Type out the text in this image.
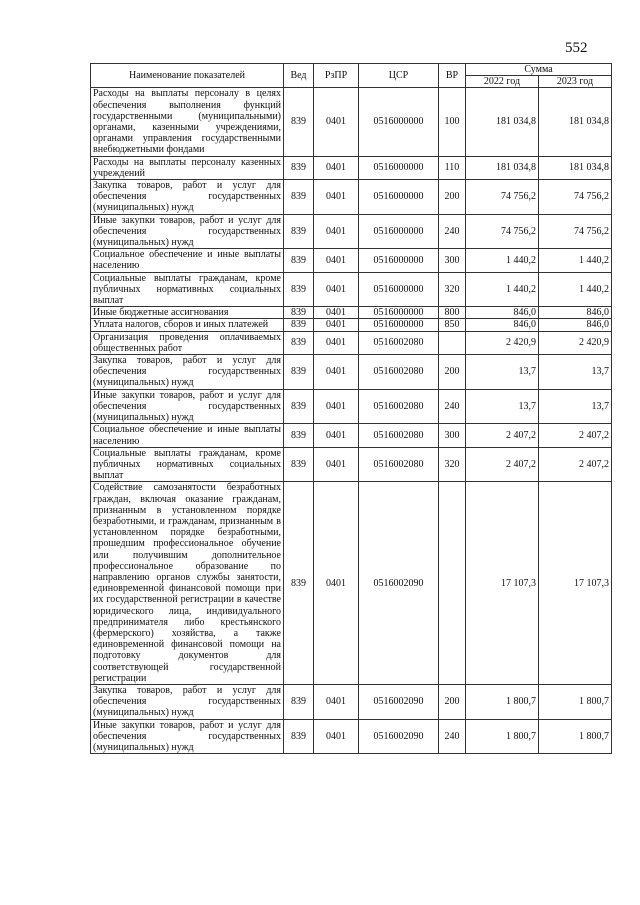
552
Наименование показателей	Вед	РзПР	ЦСР	ВР	Сумма	
					2022 год	2023 год
Расходы на выплаты персоналу в целях обеспечения выполнения функций государственными (муниципальными) органами, казенными учреждениями, органами управления государственными внебюджетными фондами	839	0401	0516000000	100	181 034,8	181 034,8
Расходы на выплаты персоналу казенных учреждений	839	0401	0516000000	110	181 034,8	181 034,8
Закупка товаров, работ и услуг для обеспечения государственных (муниципальных) нужд	839	0401	0516000000	200	74 756,2	74 756,2
Иные закупки товаров, работ и услуг для обеспечения государственных (муниципальных) нужд	839	0401	0516000000	240	74 756,2	74 756,2
Социальное обеспечение и иные выплаты населению	839	0401	0516000000	300	1 440,2	1 440,2
Социальные выплаты гражданам, кроме публичных нормативных социальных выплат	839	0401	0516000000	320	1 440,2	1 440,2
Иные бюджетные ассигнования	839	0401	0516000000	800	846,0	846,0
Уплата налогов, сборов и иных платежей	839	0401	0516000000	850	846,0	846,0
Организация проведения оплачиваемых общественных работ	839	0401	0516002080		2 420,9	2 420,9
Закупка товаров, работ и услуг для обеспечения государственных (муниципальных) нужд	839	0401	0516002080	200	13,7	13,7
Иные закупки товаров, работ и услуг для обеспечения государственных (муниципальных) нужд	839	0401	0516002080	240	13,7	13,7
Социальное обеспечение и иные выплаты населению	839	0401	0516002080	300	2 407,2	2 407,2
Социальные выплаты гражданам, кроме публичных нормативных социальных выплат	839	0401	0516002080	320	2 407,2	2 407,2
Содействие самозанятости безработных граждан, включая оказание гражданам, признанным в установленном порядке безработными, и гражданам, признанным в установленном порядке безработными, прошедшим профессиональное обучение или получившим дополнительное профессиональное образование по направлению органов службы занятости, единовременной финансовой помощи при их государственной регистрации в качестве юридического лица, индивидуального предпринимателя либо крестьянского (фермерского) хозяйства, а также единовременной финансовой помощи на подготовку документов для соответствующей государственной регистрации	839	0401	0516002090		17 107,3	17 107,3
Закупка товаров, работ и услуг для обеспечения государственных (муниципальных) нужд	839	0401	0516002090	200	1 800,7	1 800,7
Иные закупки товаров, работ и услуг для обеспечения государственных (муниципальных) нужд	839	0401	0516002090	240	1 800,7	1 800,7
